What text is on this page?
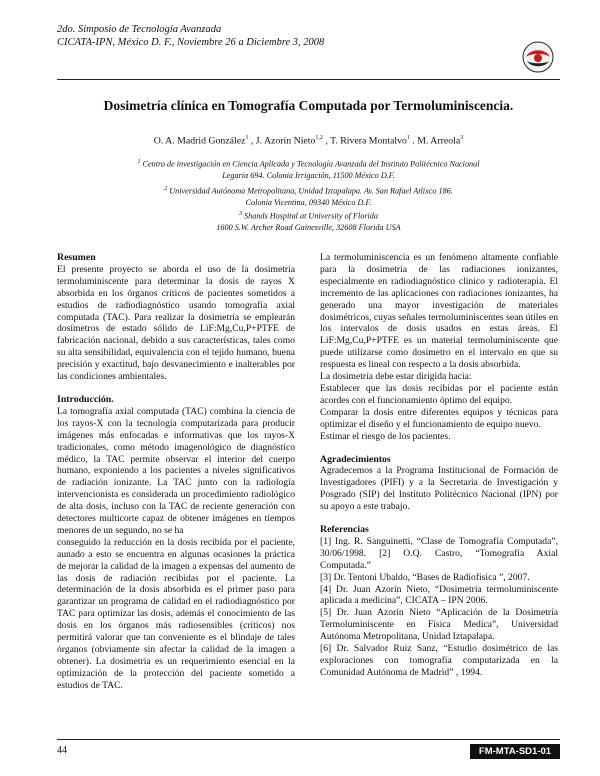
2do. Simposio de Tecnología Avanzada
CICATA-IPN, México D. F., Noviembre 26 a Diciembre 3, 2008
Dosimetría clínica en Tomografía Computada por Termoluminiscencia.
O. A. Madrid González$^1$ , J. Azorín Nieto$^{1,2}$ , T. Rivera Montalvo$^1$ . M. Arreola$^3$
$^1$ Centro de investigación en Ciencia Aplicada y Tecnología Avanzada del Instituto Politécnico Nacional
Legaria 694. Colonia Irrigación, 11500 México D.F.
$^2$ Universidad Autónoma Metropolitana, Unidad Iztapalapa. Av. San Rafael Atlixco 186.
Colonia Vicentina, 09340 México D.F.
$^3$ Shands Hospital at University of Florida
1600 S.W. Archer Road Gainesville, 32608 Florida USA
Resumen

El presente proyecto se aborda el uso de la dosimetría termoluminiscente para determinar la dosis de rayos X absorbida en los órganos críticos de pacientes sometidos a estudios de radiodiagnóstico usando tomografía axial computada (TAC). Para realizar la dosimetría se emplearán dosímetros de estado sólido de LiF:Mg,Cu,P+PTFE de fabricación nacional, debido a sus características, tales como su alta sensibilidad, equivalencia con el tejido humano, buena precisión y exactitud, bajo desvanecimiento e inalterables por las condiciones ambientales.

Introducción.

La tomografía axial computada (TAC) combina la ciencia de los rayos-X con la tecnología computarizada para producir imágenes más enfocadas e informativas que los rayos-X tradicionales, como método imagenológico de diagnóstico médico, la TAC permite observar el interior del cuerpo humano, exponiendo a los pacientes a niveles significativos de radiación ionizante. La TAC junto con la radiología intervencionista es considerada un procedimiento radiológico de alta dosis, incluso con la TAC de reciente generación con detectores multicorte capaz de obtener imágenes en tiempos menores de un segundo, no se ha

conseguido la reducción en la dosis recibida por el paciente, aunado a esto se encuentra en algunas ocasiones la práctica de mejorar la calidad de la imagen a expensas del aumento de las dosis de radiación recibidas por el paciente. La determinación de la dosis absorbida es el primer paso para garantizar un programa de calidad en el radiodiagnóstico por TAC para optimizar las dosis, además el conocimiento de las dosis en los órganos más radiosensibles (críticos) nos permitirá valorar que tan conveniente es el blindaje de tales órganos (obviamente sin afectar la calidad de la imagen a obtener). La dosimetría es un requerimiento esencial en la optimización de la protección del paciente sometido a estudios de TAC.

La termoluminiscencia es un fenómeno altamente confiable para la dosimetría de las radiaciones ionizantes, especialmente en radiodiagnóstico clínico y radioterapia. El incremento de las aplicaciones con radiaciones ionizantes, ha generado una mayor investigación de materiales dosimétricos, cuyas señales termoluminiscentes sean útiles en los intervalos de dosis usados en estas áreas. El LiF:Mg,Cu,P+PTFE es un material termoluminiscente que puede utilizarse como dosímetro en el intervalo en que su respuesta es lineal con respecto a la dosis absorbida.

La dosimetría debe estar dirigida hacia:

Establecer que las dosis recibidas por el paciente están acordes con el funcionamiento óptimo del equipo.

Comparar la dosis entre diferentes equipos y técnicas para optimizar el diseño y el funcionamiento de equipo nuevo.

Estimar el riesgo de los pacientes.

Agradecimientos

Agradecemos a la Programa Institucional de Formación de Investigadores (PIFI) y a la Secretaria de Investigación y Posgrado (SIP) del Instituto Politécnico Nacional (IPN) por su apoyo a este trabajo.

Referencias

[1] Ing. R. Sanguinetti, “Clase de Tomografía Computada”, 30/06/1998. [2] O.Q. Castro, “Tomografía Axial Computada.”

[3] Dr. Tentoni Ubaldo, “Bases de Radiofísica ”, 2007.

[4] Dr. Juan Azorín Nieto, “Dosimetría termoluminiscente aplicada a medicina”, CICATA – IPN 2006.

[5] Dr. Juan Azorín Nieto “Aplicación de la Dosimetría Termoluminiscente en Física Medica”, Universidad Autónoma Metropolitana, Unidad Iztapalapa.

[6] Dr. Salvador Ruiz Sanz, “Estudio dosimétrico de las exploraciones con tomografía computarizada en la Comunidad Autónoma de Madrid” , 1994.

44	FM-MTA-SD1-01
